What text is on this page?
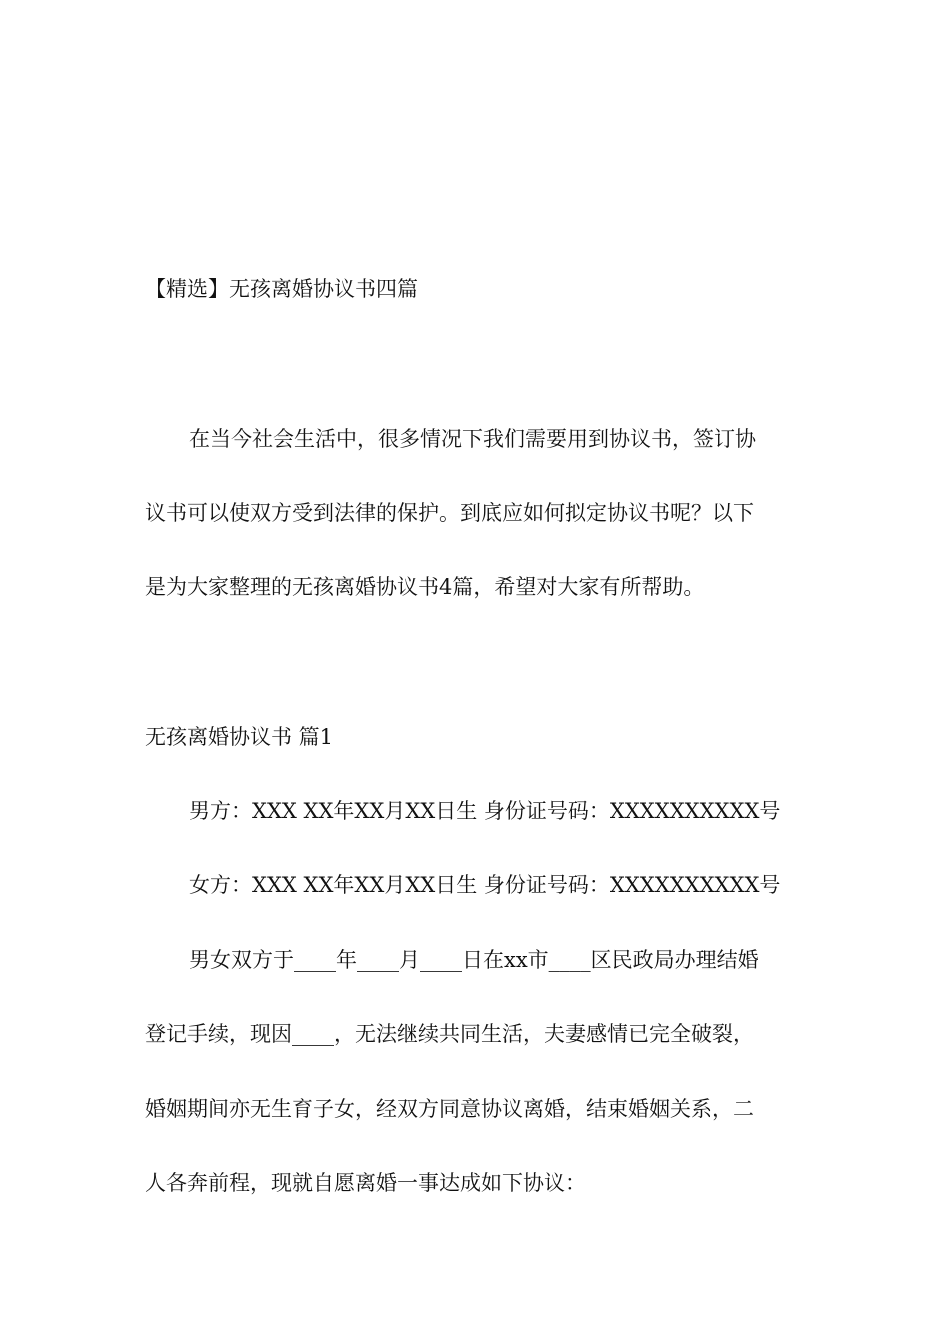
【精选】无孩离婚协议书四篇
在当今社会生活中，很多情况下我们需要用到协议书，签订协
议书可以使双方受到法律的保护。到底应如何拟定协议书呢？以下
是为大家整理的无孩离婚协议书4篇，希望对大家有所帮助。
无孩离婚协议书 篇1
男方：XXX XX年XX月XX日生 身份证号码：XXXXXXXXXX号
女方：XXX XX年XX月XX日生 身份证号码：XXXXXXXXXX号
男女双方于____年____月____日在xx市____区民政局办理结婚
登记手续，现因____，无法继续共同生活，夫妻感情已完全破裂，
婚姻期间亦无生育子女，经双方同意协议离婚，结束婚姻关系，二
人各奔前程，现就自愿离婚一事达成如下协议：
